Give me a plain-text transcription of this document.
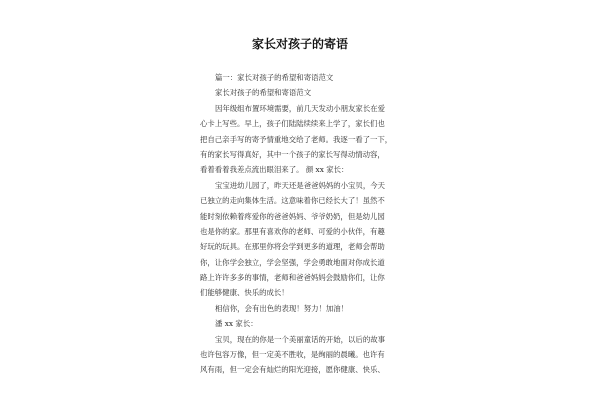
家长对孩子的寄语
篇一：家长对孩子的希望和寄语范文
家长对孩子的希望和寄语范文
因年级组布置环境需要，前几天发动小朋友家长在爱
心卡上写些。早上，孩子们陆陆续续来上学了，家长们也
把自己亲手写的寄予情重地交给了老师。我逐一看了一下，
有的家长写得真好，其中一个孩子的家长写得动情动容，
看着看着我差点流出眼泪来了。 颜 xx 家长：
宝宝进幼儿园了，昨天还是爸爸妈妈的小宝贝，今天
已独立的走向集体生活。这意味着你已经长大了！虽然不
能时刻依赖着疼爱你的爸爸妈妈、爷爷奶奶，但是幼儿园
也是你的家。那里有喜欢你的老师、可爱的小伙伴，有趣
好玩的玩具。在那里你将会学到更多的道理，老师会帮助
你，让你学会独立，学会坚强，学会勇敢地面对你成长道
路上许许多多的事情，老师和爸爸妈妈会鼓励你们，让你
们能够健康、快乐的成长！
相信你，会有出色的表现！努力！加油！
潘 xx 家长：
宝贝，现在的你是一个美丽童话的开始，以后的故事
也许包容万像，但一定美不胜收，是绚丽的晨曦。也许有
风有雨，但一定会有灿烂的阳光迎接，愿你健康、快乐、
